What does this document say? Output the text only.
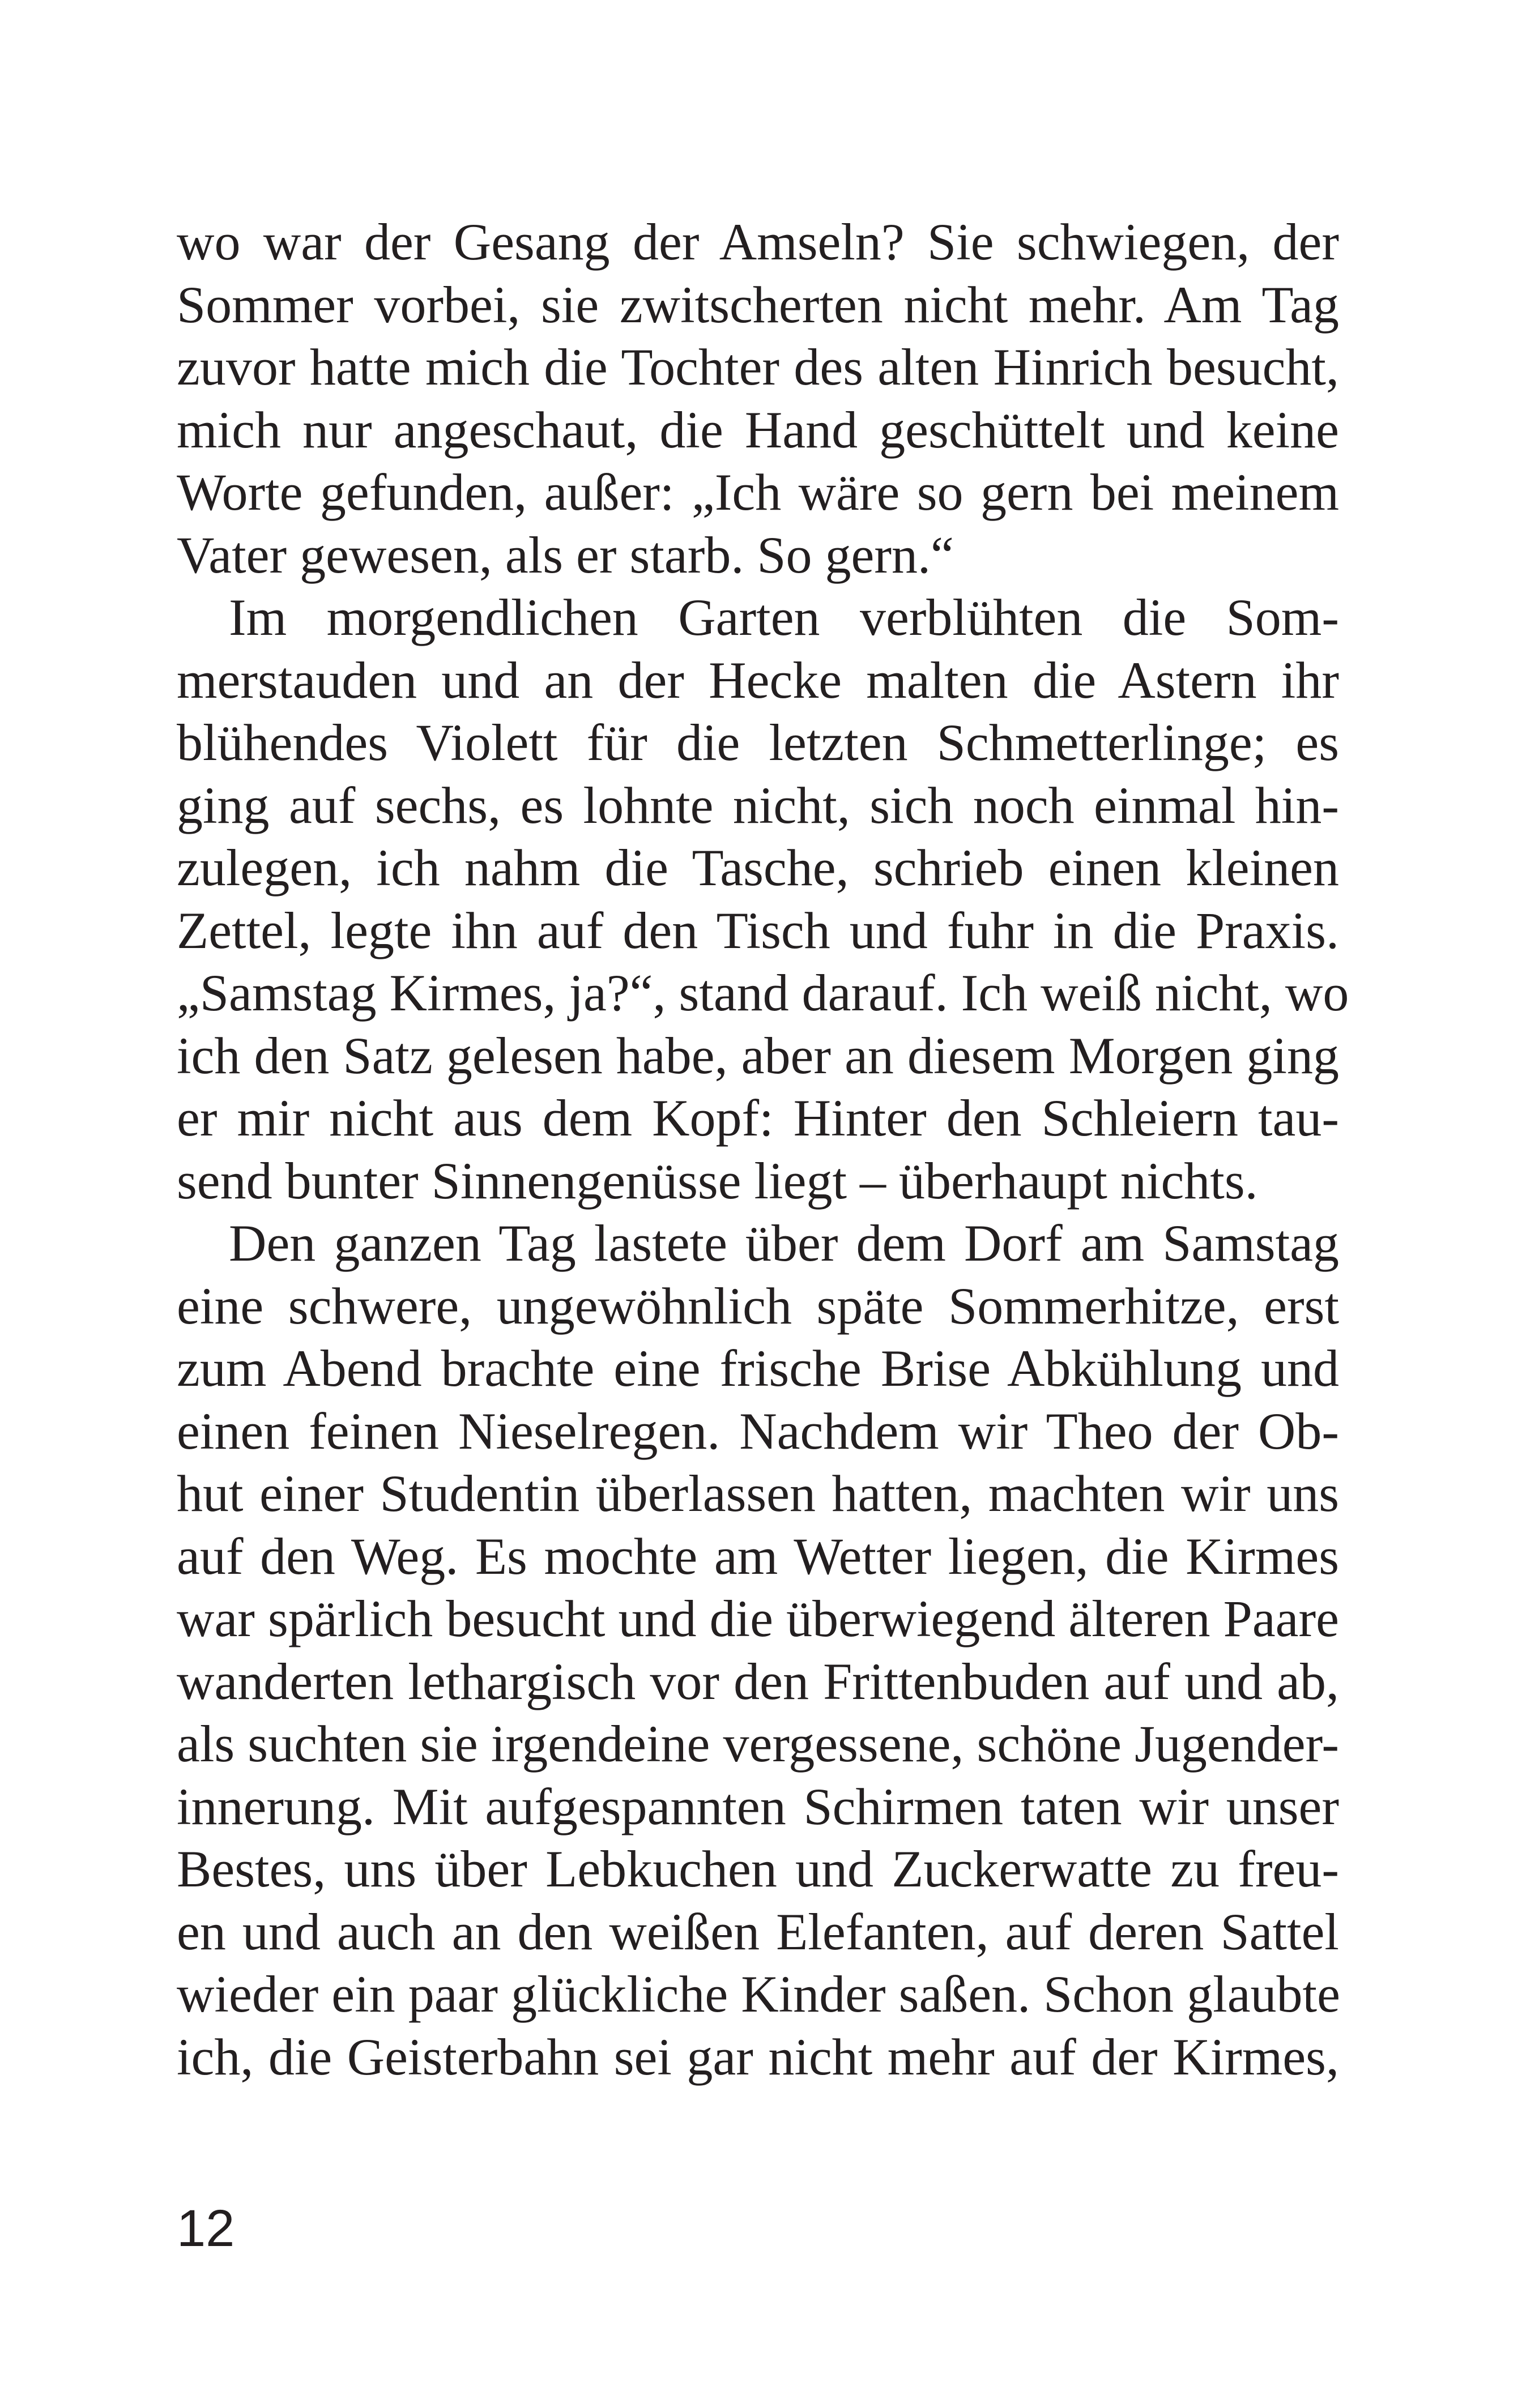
wo war der Gesang der Amseln? Sie schwiegen, der
Sommer vorbei, sie zwitscherten nicht mehr. Am Tag
zuvor hatte mich die Tochter des alten Hinrich besucht,
mich nur angeschaut, die Hand geschüttelt und keine
Worte gefunden, außer: „Ich wäre so gern bei meinem
Vater gewesen, als er starb. So gern.“
Im morgendlichen Garten verblühten die Som-
merstauden und an der Hecke malten die Astern ihr
blühendes Violett für die letzten Schmetterlinge; es
ging auf sechs, es lohnte nicht, sich noch einmal hin-
zulegen, ich nahm die Tasche, schrieb einen kleinen
Zettel, legte ihn auf den Tisch und fuhr in die Praxis.
„Samstag Kirmes, ja?“, stand darauf. Ich weiß nicht, wo
ich den Satz gelesen habe, aber an diesem Morgen ging
er mir nicht aus dem Kopf: Hinter den Schleiern tau-
send bunter Sinnengenüsse liegt – überhaupt nichts.
Den ganzen Tag lastete über dem Dorf am Samstag
eine schwere, ungewöhnlich späte Sommerhitze, erst
zum Abend brachte eine frische Brise Abkühlung und
einen feinen Nieselregen. Nachdem wir Theo der Ob-
hut einer Studentin überlassen hatten, machten wir uns
auf den Weg. Es mochte am Wetter liegen, die Kirmes
war spärlich besucht und die überwiegend älteren Paare
wanderten lethargisch vor den Frittenbuden auf und ab,
als suchten sie irgendeine vergessene, schöne Jugender-
innerung. Mit aufgespannten Schirmen taten wir unser
Bestes, uns über Lebkuchen und Zuckerwatte zu freu-
en und auch an den weißen Elefanten, auf deren Sattel
wieder ein paar glückliche Kinder saßen. Schon glaubte
ich, die Geisterbahn sei gar nicht mehr auf der Kirmes,
12
